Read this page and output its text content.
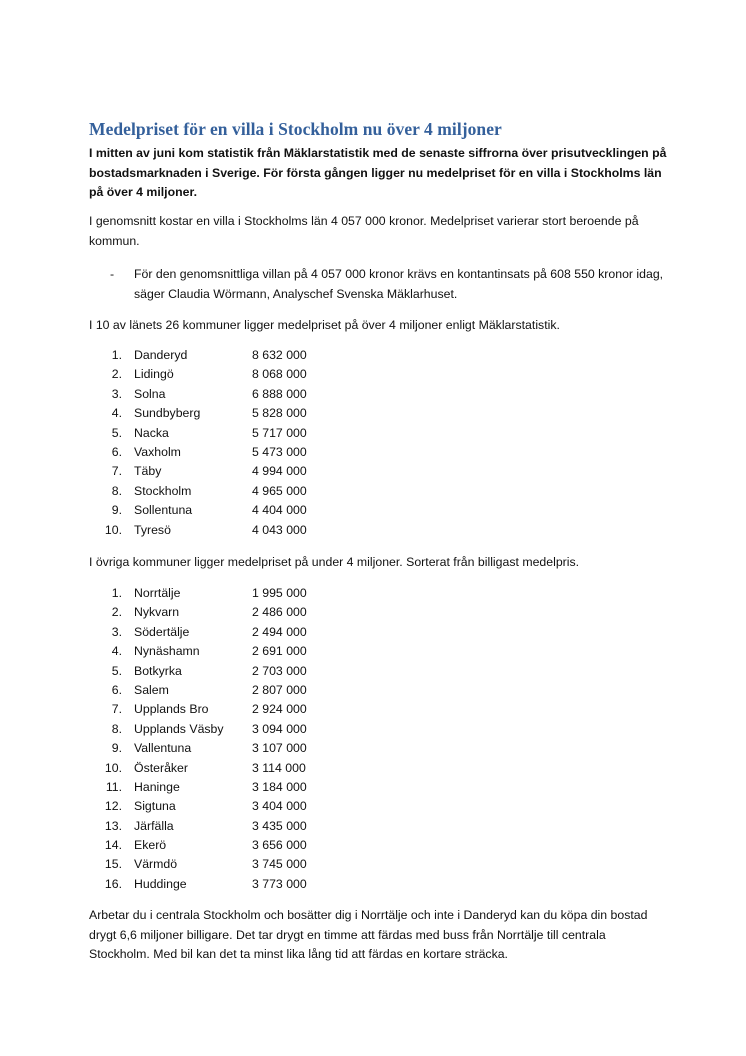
Medelpriset för en villa i Stockholm nu över 4 miljoner

I mitten av juni kom statistik från Mäklarstatistik med de senaste siffrorna över prisutvecklingen på bostadsmarknaden i Sverige. För första gången ligger nu medelpriset för en villa i Stockholms län på över 4 miljoner.

I genomsnitt kostar en villa i Stockholms län 4 057 000 kronor. Medelpriset varierar stort beroende på kommun.

-	För den genomsnittliga villan på 4 057 000 kronor krävs en kontantinsats på 608 550 kronor idag, säger Claudia Wörmann, Analyschef Svenska Mäklarhuset.

I 10 av länets 26 kommuner ligger medelpriset på över 4 miljoner enligt Mäklarstatistik.

1. Danderyd	8 632 000
2. Lidingö	8 068 000
3. Solna	6 888 000
4. Sundbyberg	5 828 000
5. Nacka	5 717 000
6. Vaxholm	5 473 000
7. Täby	4 994 000
8. Stockholm	4 965 000
9. Sollentuna	4 404 000
10. Tyresö	4 043 000

I övriga kommuner ligger medelpriset på under 4 miljoner. Sorterat från billigast medelpris.

1. Norrtälje	1 995 000
2. Nykvarn	2 486 000
3. Södertälje	2 494 000
4. Nynäshamn	2 691 000
5. Botkyrka	2 703 000
6. Salem	2 807 000
7. Upplands Bro	2 924 000
8. Upplands Väsby 3 094 000
9. Vallentuna	3 107 000
10. Österåker	3 114 000
11. Haninge	3 184 000
12. Sigtuna	3 404 000
13. Järfälla	3 435 000
14. Ekerö	3 656 000
15. Värmdö	3 745 000
16. Huddinge	3 773 000

Arbetar du i centrala Stockholm och bosätter dig i Norrtälje och inte i Danderyd kan du köpa din bostad drygt 6,6 miljoner billigare. Det tar drygt en timme att färdas med buss från Norrtälje till centrala Stockholm. Med bil kan det ta minst lika lång tid att färdas en kortare sträcka.
